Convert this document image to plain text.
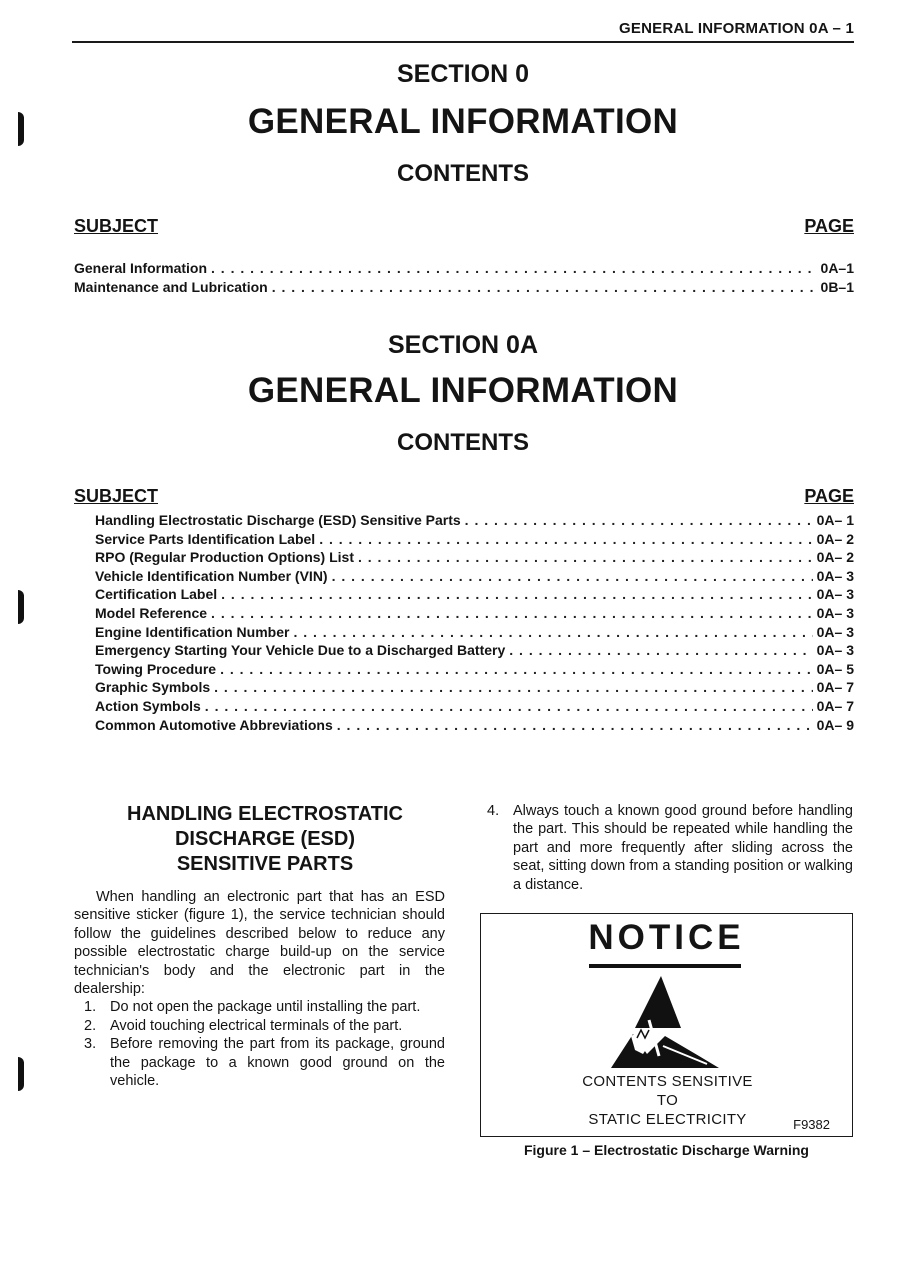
GENERAL INFORMATION 0A – 1
SECTION 0
GENERAL INFORMATION
CONTENTS
SUBJECT	PAGE
General Information . . .	0A–1
Maintenance and Lubrication . . .	0B–1
SECTION 0A
GENERAL INFORMATION
CONTENTS
SUBJECT	PAGE
Handling Electrostatic Discharge (ESD) Sensitive Parts . . .	0A– 1
Service Parts Identification Label . . .	0A– 2
RPO (Regular Production Options) List . . .	0A– 2
Vehicle Identification Number (VIN) . . .	0A– 3
Certification Label . . .	0A– 3
Model Reference . . .	0A– 3
Engine Identification Number . . .	0A– 3
Emergency Starting Your Vehicle Due to a Discharged Battery . . .	0A– 3
Towing Procedure . . .	0A– 5
Graphic Symbols . . .	0A– 7
Action Symbols . . .	0A– 7
Common Automotive Abbreviations . . .	0A– 9
HANDLING ELECTROSTATIC
DISCHARGE (ESD)
SENSITIVE PARTS

When handling an electronic part that has an ESD sensitive sticker (figure 1), the service technician should follow the guidelines described below to reduce any possible electrostatic charge build-up on the service technician's body and the electronic part in the dealership:

1. Do not open the package until installing the part.
2. Avoid touching electrical terminals of the part.
3. Before removing the part from its package, ground the package to a known good ground on the vehicle.
4. Always touch a known good ground before handling the part. This should be repeated while handling the part and more frequently after sliding across the seat, sitting down from a standing position or walking a distance.
NOTICE
CONTENTS SENSITIVE
TO
STATIC ELECTRICITY	F9382
Figure 1 – Electrostatic Discharge Warning
